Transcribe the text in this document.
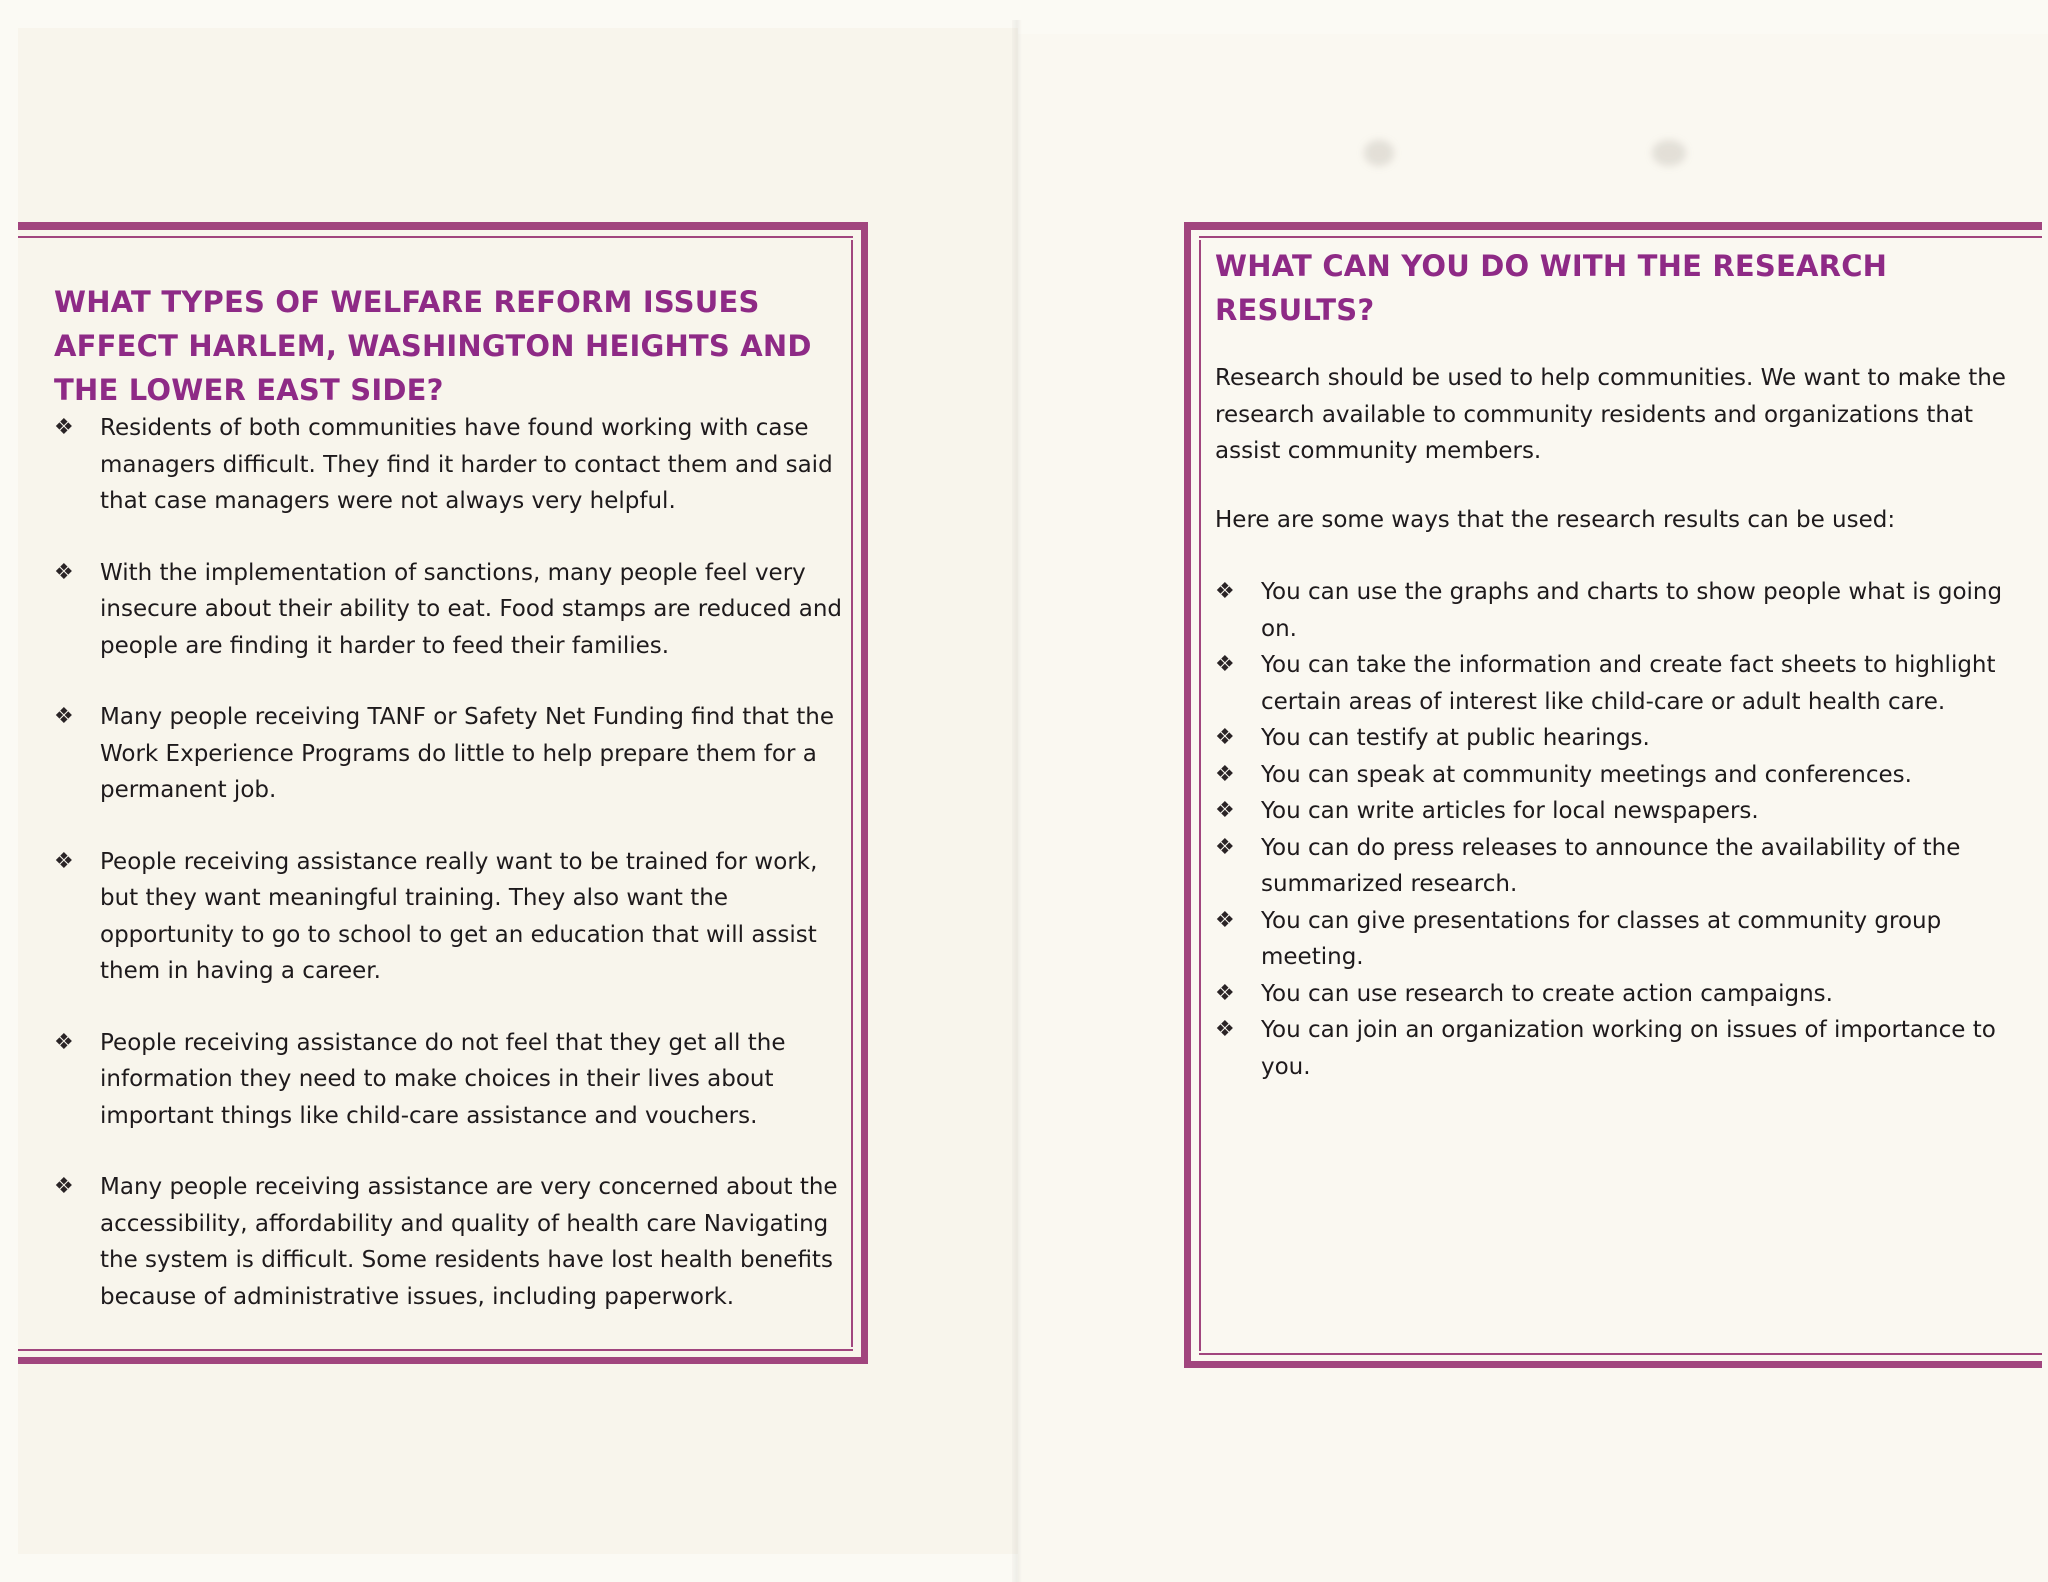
WHAT TYPES OF WELFARE REFORM ISSUES AFFECT HARLEM, WASHINGTON HEIGHTS AND THE LOWER EAST SIDE?
❖ Residents of both communities have found working with case managers difficult. They find it harder to contact them and said that case managers were not always very helpful.
❖ With the implementation of sanctions, many people feel very insecure about their ability to eat. Food stamps are reduced and people are finding it harder to feed their families.
❖ Many people receiving TANF or Safety Net Funding find that the Work Experience Programs do little to help prepare them for a permanent job.
❖ People receiving assistance really want to be trained for work, but they want meaningful training. They also want the opportunity to go to school to get an education that will assist them in having a career.
❖ People receiving assistance do not feel that they get all the information they need to make choices in their lives about important things like child-care assistance and vouchers.
❖ Many people receiving assistance are very concerned about the accessibility, affordability and quality of health care Navigating the system is difficult. Some residents have lost health benefits because of administrative issues, including paperwork.
WHAT CAN YOU DO WITH THE RESEARCH RESULTS?

Research should be used to help communities. We want to make the research available to community residents and organizations that assist community members.

Here are some ways that the research results can be used:

❖ You can use the graphs and charts to show people what is going on.
❖ You can take the information and create fact sheets to highlight certain areas of interest like child-care or adult health care.
❖ You can testify at public hearings.
❖ You can speak at community meetings and conferences.
❖ You can write articles for local newspapers.
❖ You can do press releases to announce the availability of the summarized research.
❖ You can give presentations for classes at community group meeting.
❖ You can use research to create action campaigns.
❖ You can join an organization working on issues of importance to you.
